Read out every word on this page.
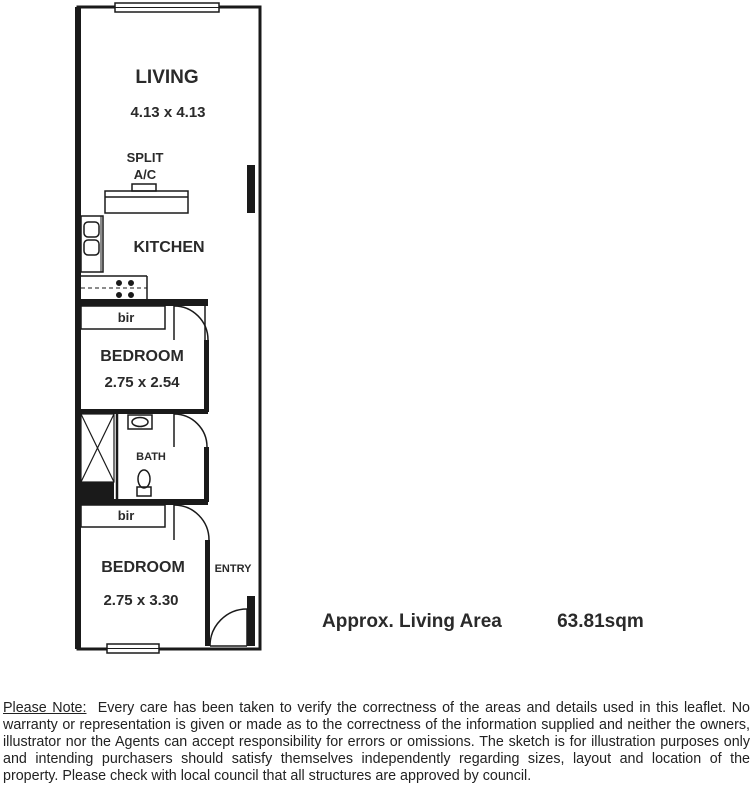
LIVING
4.13 x 4.13
SPLIT
A/C
KITCHEN
bir
BEDROOM
2.75 x 2.54
BATH
bir
BEDROOM
2.75 x 3.30
ENTRY
Approx. Living Area	63.81sqm
Please Note: Every care has been taken to verify the correctness of the areas and details used in this leaflet. No warranty or representation is given or made as to the correctness of the information supplied and neither the owners, illustrator nor the Agents can accept responsibility for errors or omissions. The sketch is for illustration purposes only and intending purchasers should satisfy themselves independently regarding sizes, layout and location of the property. Please check with local council that all structures are approved by council.
